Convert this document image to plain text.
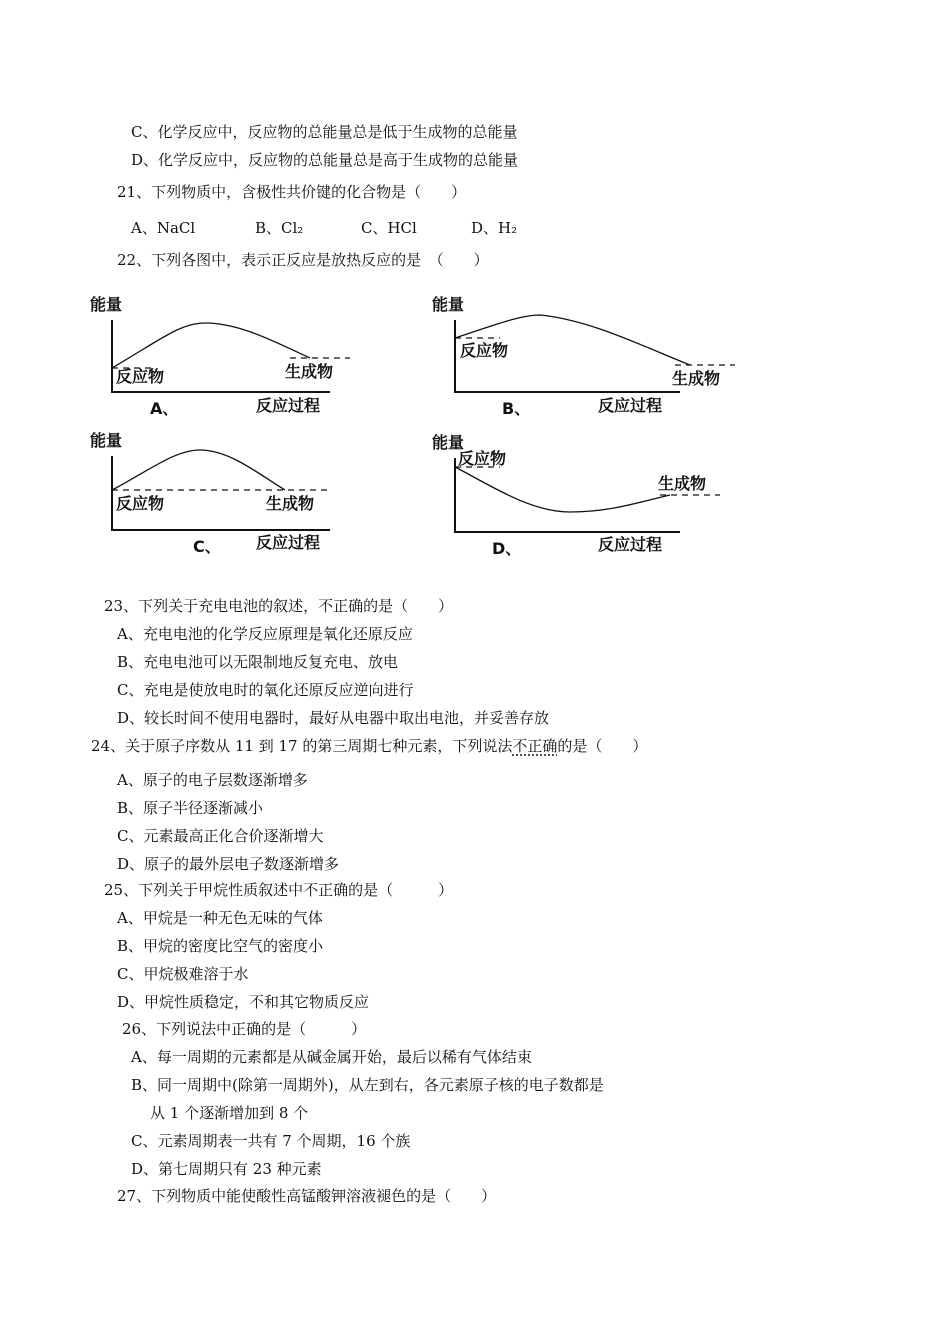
C、化学反应中，反应物的总能量总是低于生成物的总能量
D、化学反应中，反应物的总能量总是高于生成物的总能量
21、下列物质中，含极性共价键的化合物是（　　）
A、NaCl	B、Cl₂	C、HCl	D、H₂
22、下列各图中，表示正反应是放热反应的是　（　　）
能量
反应物	生成物
A、	反应过程
能量
反应物
生成物
B、	反应过程
能量
反应物	生成物
C、 反应过程
能量
反应物
生成物
D、	反应过程
23、下列关于充电电池的叙述，不正确的是（　　）
A、充电电池的化学反应原理是氧化还原反应
B、充电电池可以无限制地反复充电、放电
C、充电是使放电时的氧化还原反应逆向进行
D、较长时间不使用电器时，最好从电器中取出电池，并妥善存放
24、关于原子序数从 11 到 17 的第三周期七种元素，下列说法不正确的是（　　）
A、原子的电子层数逐渐增多
B、原子半径逐渐减小
C、元素最高正化合价逐渐增大
D、原子的最外层电子数逐渐增多
25、下列关于甲烷性质叙述中不正确的是（　　　）
A、甲烷是一种无色无味的气体
B、甲烷的密度比空气的密度小
C、甲烷极难溶于水
D、甲烷性质稳定，不和其它物质反应
26、下列说法中正确的是（　　　）
A、每一周期的元素都是从碱金属开始，最后以稀有气体结束
B、同一周期中(除第一周期外)，从左到右，各元素原子核的电子数都是
从 1 个逐渐增加到 8 个
C、元素周期表一共有 7 个周期，16 个族
D、第七周期只有 23 种元素
27、下列物质中能使酸性高锰酸钾溶液褪色的是（　　）
